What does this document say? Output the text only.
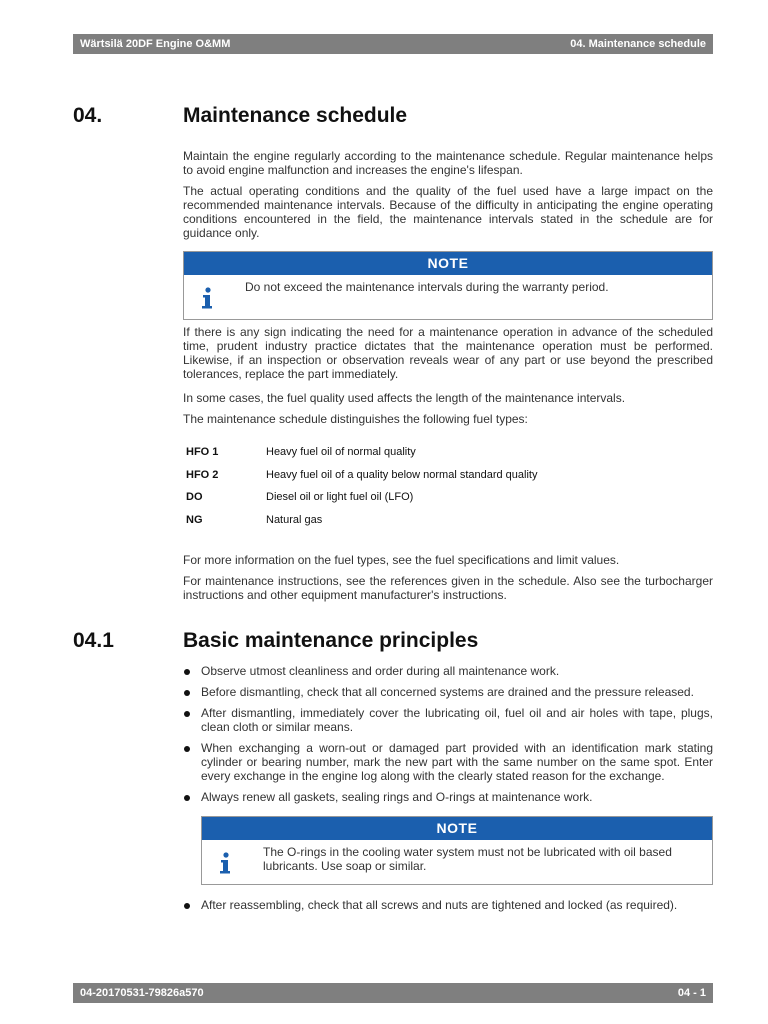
Wärtsilä 20DF Engine O&MM	04. Maintenance schedule
04.	Maintenance schedule

Maintain the engine regularly according to the maintenance schedule. Regular maintenance helps to avoid engine malfunction and increases the engine's lifespan.

The actual operating conditions and the quality of the fuel used have a large impact on the recommended maintenance intervals. Because of the difficulty in anticipating the engine operating conditions encountered in the field, the maintenance intervals stated in the schedule are for guidance only.

NOTE
Do not exceed the maintenance intervals during the warranty period.

If there is any sign indicating the need for a maintenance operation in advance of the scheduled time, prudent industry practice dictates that the maintenance operation must be performed. Likewise, if an inspection or observation reveals wear of any part or use beyond the prescribed tolerances, replace the part immediately.

In some cases, the fuel quality used affects the length of the maintenance intervals.

The maintenance schedule distinguishes the following fuel types:

HFO 1	Heavy fuel oil of normal quality
HFO 2	Heavy fuel oil of a quality below normal standard quality
DO	Diesel oil or light fuel oil (LFO)
NG	Natural gas

For more information on the fuel types, see the fuel specifications and limit values.

For maintenance instructions, see the references given in the schedule. Also see the turbocharger instructions and other equipment manufacturer's instructions.

04.1	Basic maintenance principles
Observe utmost cleanliness and order during all maintenance work.
Before dismantling, check that all concerned systems are drained and the pressure released.
After dismantling, immediately cover the lubricating oil, fuel oil and air holes with tape, plugs, clean cloth or similar means.
When exchanging a worn-out or damaged part provided with an identification mark stating cylinder or bearing number, mark the new part with the same number on the same spot. Enter every exchange in the engine log along with the clearly stated reason for the exchange.
Always renew all gaskets, sealing rings and O-rings at maintenance work.
NOTE
The O-rings in the cooling water system must not be lubricated with oil based lubricants. Use soap or similar.
After reassembling, check that all screws and nuts are tightened and locked (as required).
04-20170531-79826a570	04 - 1
